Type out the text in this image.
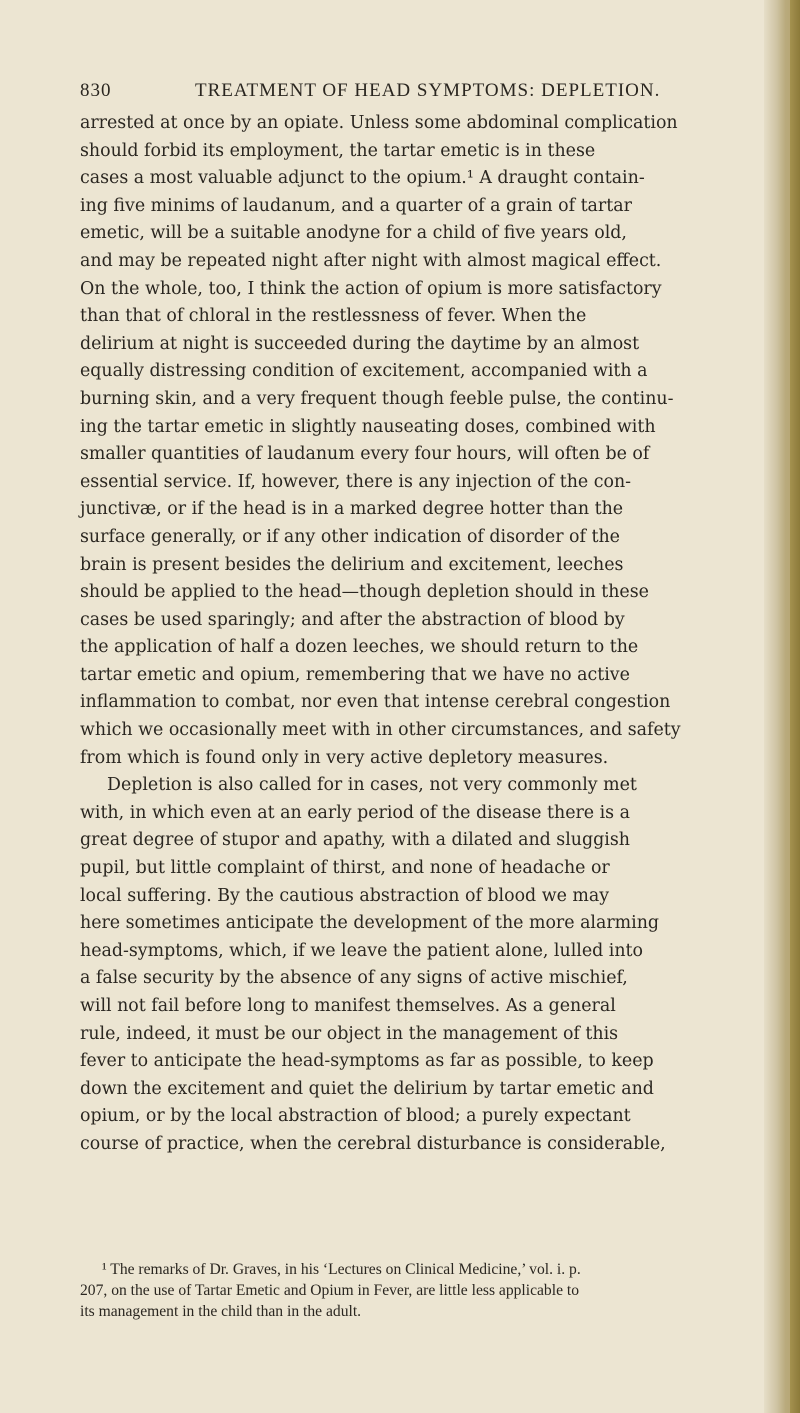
830	TREATMENT OF HEAD SYMPTOMS: DEPLETION.
arrested at once by an opiate. Unless some abdominal complication
should forbid its employment, the tartar emetic is in these
cases a most valuable adjunct to the opium.¹ A draught contain-
ing five minims of laudanum, and a quarter of a grain of tartar
emetic, will be a suitable anodyne for a child of five years old,
and may be repeated night after night with almost magical effect.
On the whole, too, I think the action of opium is more satisfactory
than that of chloral in the restlessness of fever. When the
delirium at night is succeeded during the daytime by an almost
equally distressing condition of excitement, accompanied with a
burning skin, and a very frequent though feeble pulse, the continu-
ing the tartar emetic in slightly nauseating doses, combined with
smaller quantities of laudanum every four hours, will often be of
essential service. If, however, there is any injection of the con-
junctivæ, or if the head is in a marked degree hotter than the
surface generally, or if any other indication of disorder of the
brain is present besides the delirium and excitement, leeches
should be applied to the head—though depletion should in these
cases be used sparingly; and after the abstraction of blood by
the application of half a dozen leeches, we should return to the
tartar emetic and opium, remembering that we have no active
inflammation to combat, nor even that intense cerebral congestion
which we occasionally meet with in other circumstances, and safety
from which is found only in very active depletory measures.
Depletion is also called for in cases, not very commonly met
with, in which even at an early period of the disease there is a
great degree of stupor and apathy, with a dilated and sluggish
pupil, but little complaint of thirst, and none of headache or
local suffering. By the cautious abstraction of blood we may
here sometimes anticipate the development of the more alarming
head-symptoms, which, if we leave the patient alone, lulled into
a false security by the absence of any signs of active mischief,
will not fail before long to manifest themselves. As a general
rule, indeed, it must be our object in the management of this
fever to anticipate the head-symptoms as far as possible, to keep
down the excitement and quiet the delirium by tartar emetic and
opium, or by the local abstraction of blood; a purely expectant
course of practice, when the cerebral disturbance is considerable,
¹ The remarks of Dr. Graves, in his ‘Lectures on Clinical Medicine,’ vol. i. p.
207, on the use of Tartar Emetic and Opium in Fever, are little less applicable to
its management in the child than in the adult.
